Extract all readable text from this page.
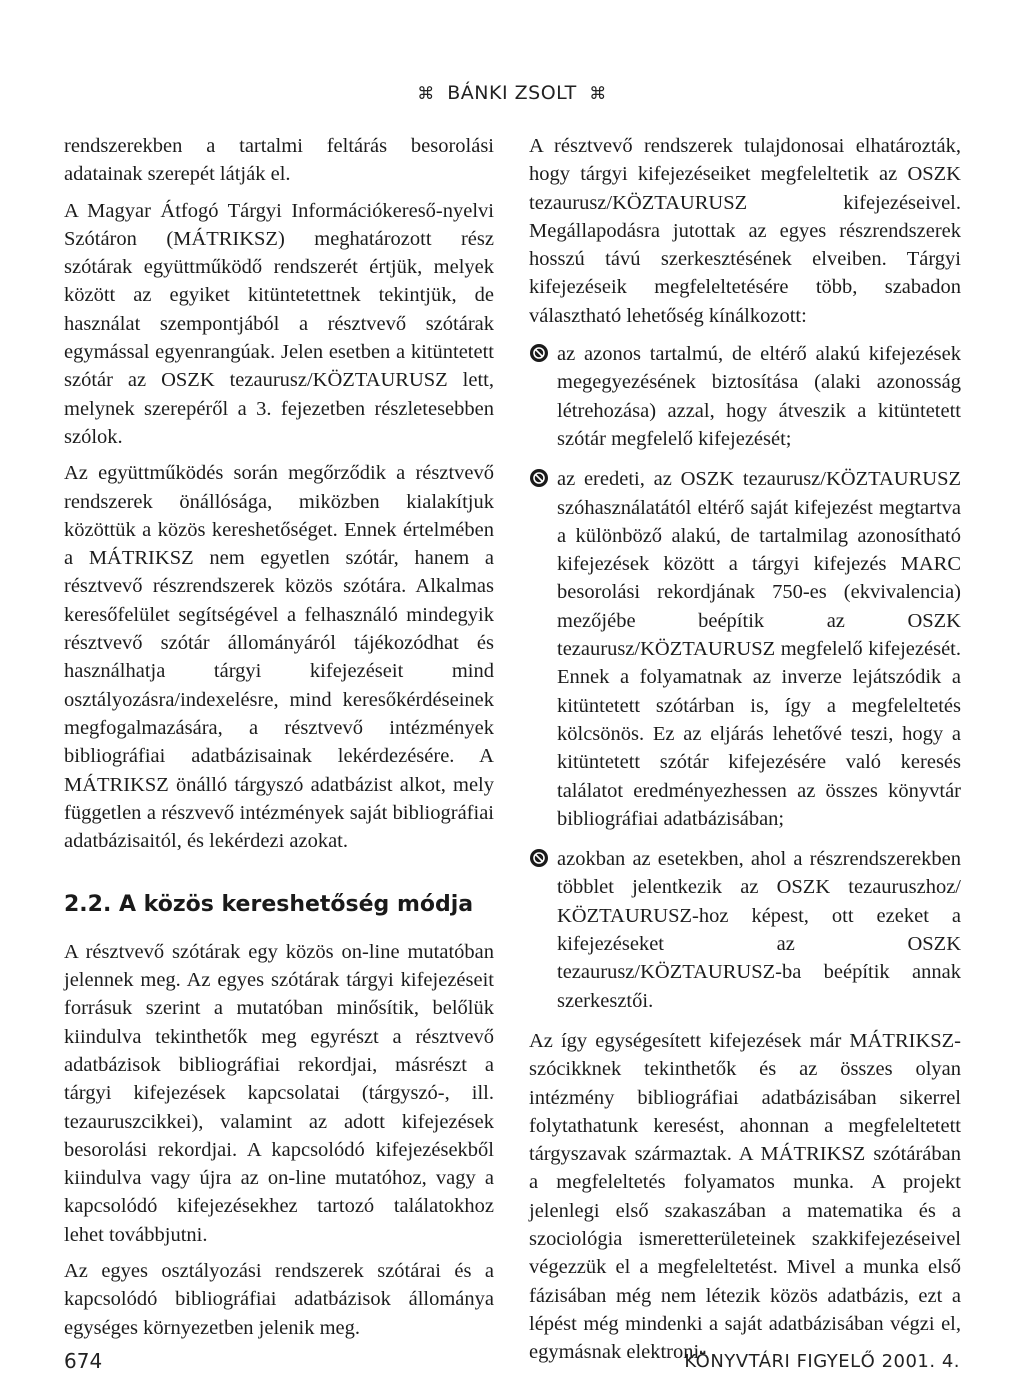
⌘ BÁNKI ZSOLT ⌘

rendszerekben a tartalmi feltárás besorolási adatainak szerepét látják el.

A Magyar Átfogó Tárgyi Információkereső-nyelvi Szótáron (MÁTRIKSZ) meghatározott rész szótárak együttműködő rendszerét értjük, melyek között az egyiket kitüntetettnek tekintjük, de használat szempontjából a résztvevő szótárak egymással egyenrangúak. Jelen esetben a kitüntetett szótár az OSZK tezaurusz/KÖZTAURUSZ lett, melynek szerepéről a 3. fejezetben részletesebben szólok.

Az együttműködés során megőrződik a résztvevő rendszerek önállósága, miközben kialakítjuk közöttük a közös kereshetőséget. Ennek értelmében a MÁTRIKSZ nem egyetlen szótár, hanem a résztvevő részrendszerek közös szótára. Alkalmas keresőfelület segítségével a felhasználó mindegyik résztvevő szótár állományáról tájékozódhat és használhatja tárgyi kifejezéseit mind osztályozásra/indexelésre, mind keresőkérdéseinek megfogalmazására, a résztvevő intézmények bibliográfiai adatbázisainak lekérdezésére. A MÁTRIKSZ önálló tárgyszó adatbázist alkot, mely független a részvevő intézmények saját bibliográfiai adatbázisaitól, és lekérdezi azokat.

2.2. A közös kereshetőség módja

A résztvevő szótárak egy közös on-line mutatóban jelennek meg. Az egyes szótárak tárgyi kifejezéseit forrásuk szerint a mutatóban minősítik, belőlük kiindulva tekinthetők meg egyrészt a résztvevő adatbázisok bibliográfiai rekordjai, másrészt a tárgyi kifejezések kapcsolatai (tárgyszó-, ill. tezauruszcikkei), valamint az adott kifejezések besorolási rekordjai. A kapcsolódó kifejezésekből kiindulva vagy újra az on-line mutatóhoz, vagy a kapcsolódó kifejezésekhez tartozó találatokhoz lehet továbbjutni.

Az egyes osztályozási rendszerek szótárai és a kapcsolódó bibliográfiai adatbázisok állománya egységes környezetben jelenik meg.

A résztvevő rendszerek tulajdonosai elhatározták, hogy tárgyi kifejezéseiket megfeleltetik az OSZK tezaurusz/KÖZTAURUSZ kifejezéseivel. Megállapodásra jutottak az egyes részrendszerek hosszú távú szerkesztésének elveiben. Tárgyi kifejezéseik megfeleltetésére több, szabadon választható lehetőség kínálkozott:

az azonos tartalmú, de eltérő alakú kifejezések megegyezésének biztosítása (alaki azonosság létrehozása) azzal, hogy átveszik a kitüntetett szótár megfelelő kifejezését;
az eredeti, az OSZK tezaurusz/KÖZTAURUSZ szóhasználatától eltérő saját kifejezést megtartva a különböző alakú, de tartalmilag azonosítható kifejezések között a tárgyi kifejezés MARC besorolási rekordjának 750-es (ekvivalencia) mezőjébe beépítik az OSZK tezaurusz/KÖZTAURUSZ megfelelő kifejezését. Ennek a folyamatnak az inverze lejátszódik a kitüntetett szótárban is, így a megfeleltetés kölcsönös. Ez az eljárás lehetővé teszi, hogy a kitüntetett szótár kifejezésére való keresés találatot eredményezhessen az összes könyvtár bibliográfiai adatbázisában;
azokban az esetekben, ahol a részrendszerekben többlet jelentkezik az OSZK tezauruszhoz/ KÖZTAURUSZ-hoz képest, ott ezeket a kifejezéseket az OSZK tezaurusz/KÖZTAURUSZ-ba beépítik annak szerkesztői.

Az így egységesített kifejezések már MÁTRIKSZ-szócikknek tekinthetők és az összes olyan intézmény bibliográfiai adatbázisában sikerrel folytathatunk keresést, ahonnan a megfeleltetett tárgyszavak származtak. A MÁTRIKSZ szótárában a megfeleltetés folyamatos munka. A projekt jelenlegi első szakaszában a matematika és a szociológia ismeretterületeinek szakkifejezéseivel végezzük el a megfeleltetést. Mivel a munka első fázisában még nem létezik közös adatbázis, ezt a lépést még mindenki a saját adatbázisában végzi el, egymásnak elektroni-

674	KÖNYVTÁRI FIGYELŐ 2001. 4.
